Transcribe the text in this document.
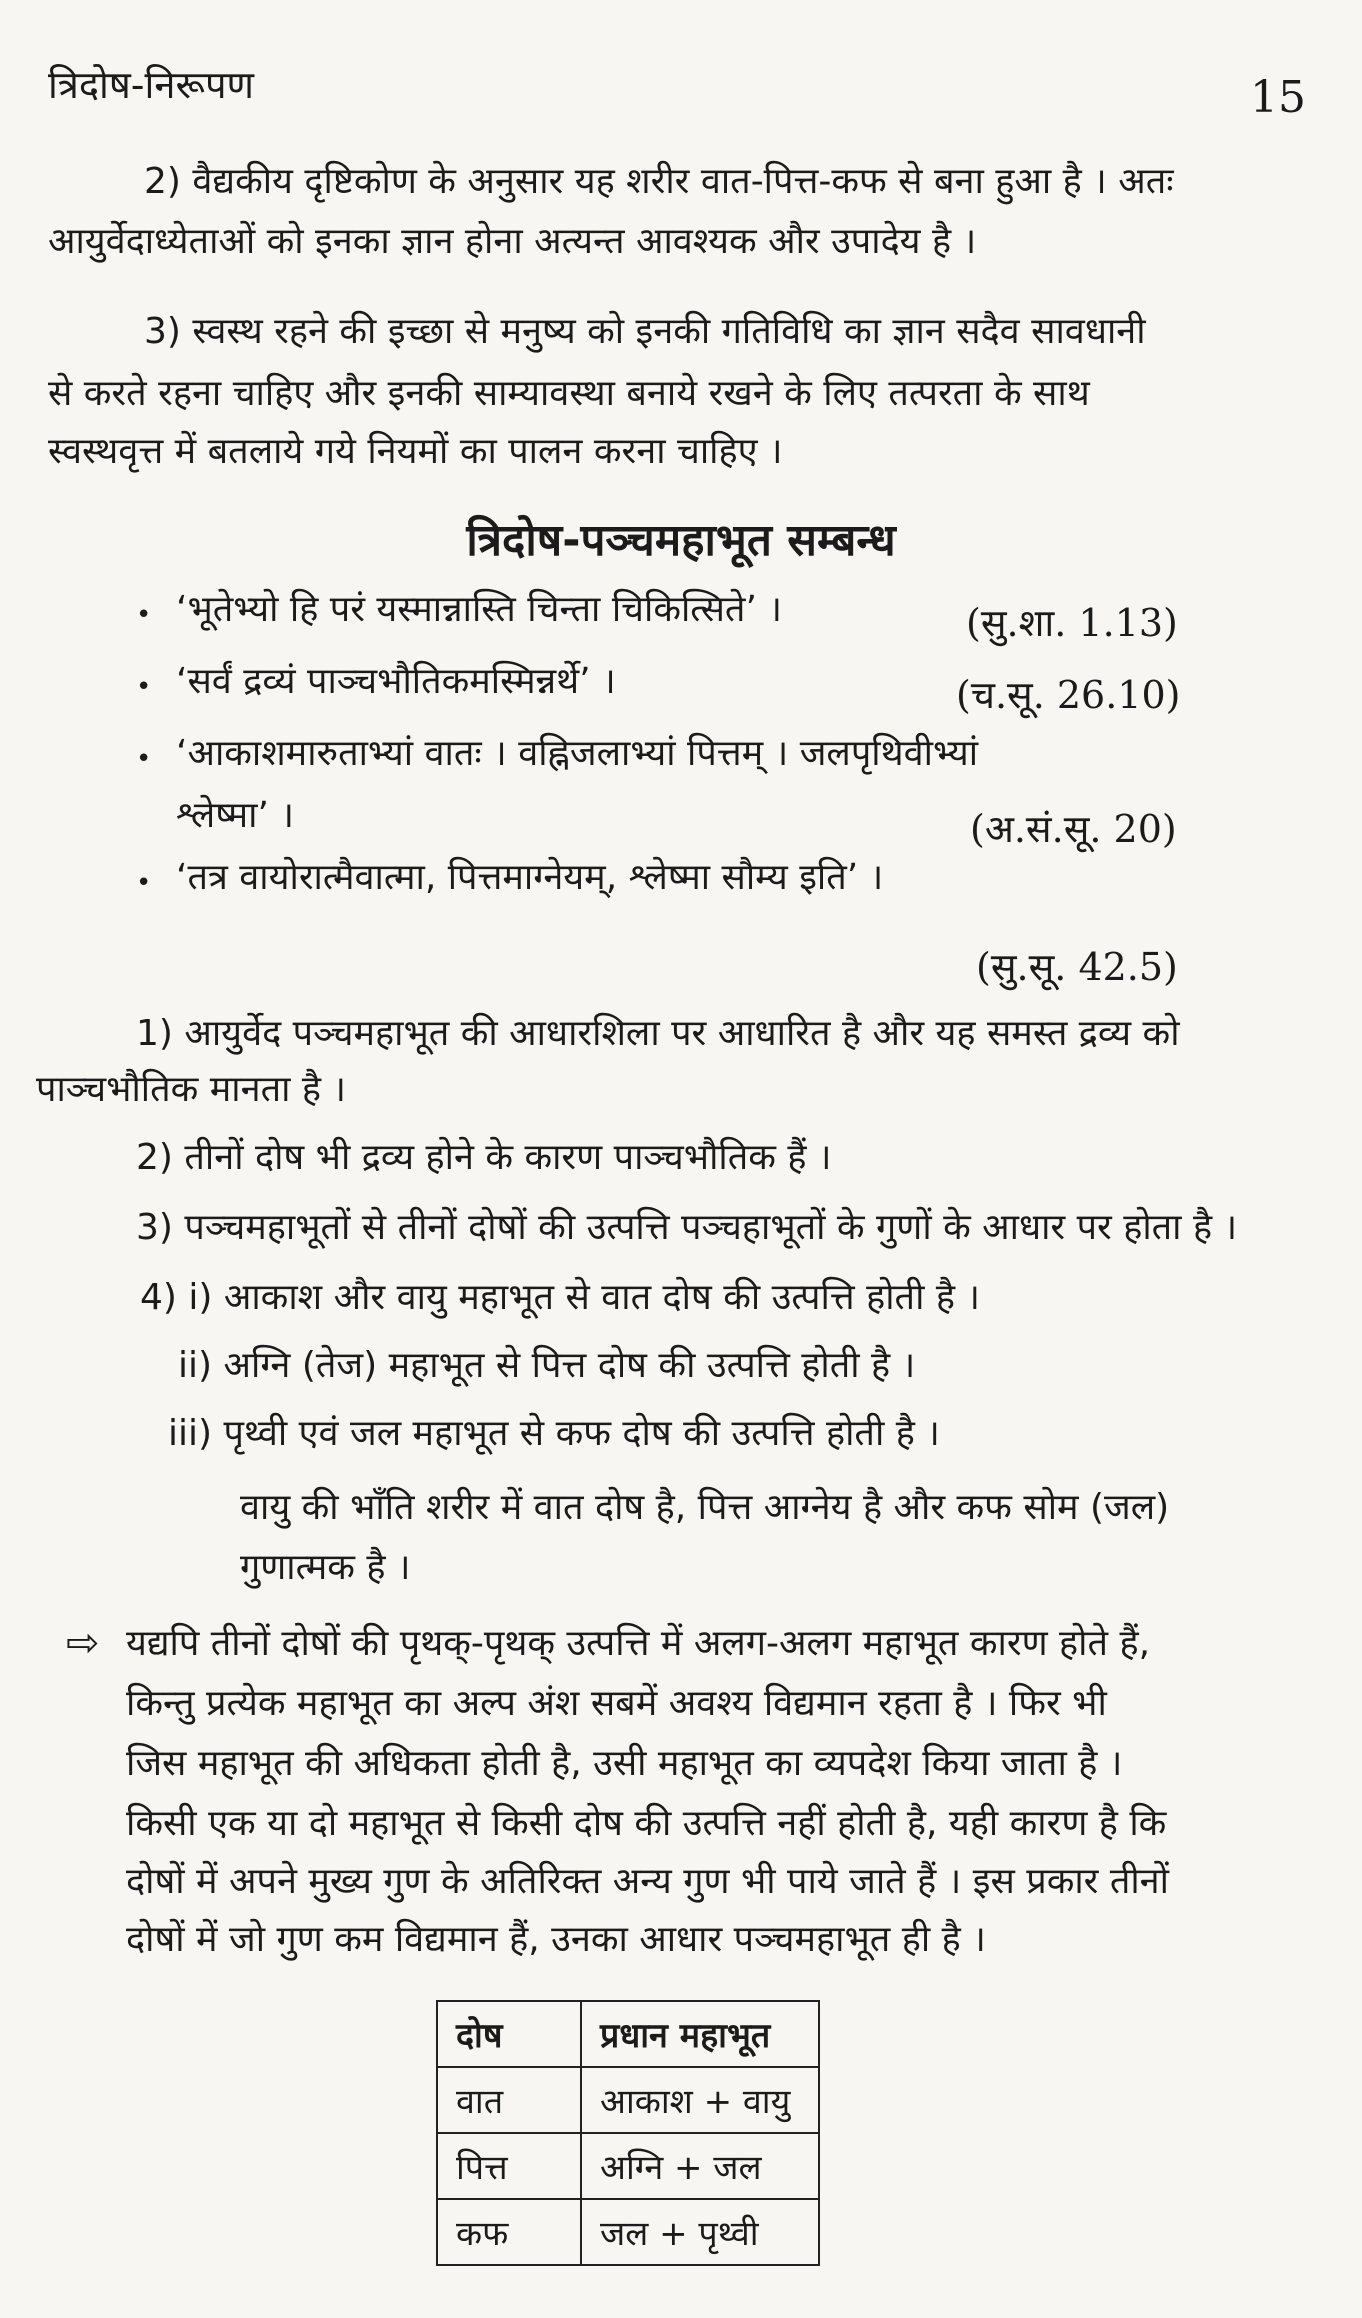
त्रिदोष-निरूपण	15
2) वैद्यकीय दृष्टिकोण के अनुसार यह शरीर वात-पित्त-कफ से बना हुआ है । अतः
आयुर्वेदाध्येताओं को इनका ज्ञान होना अत्यन्त आवश्यक और उपादेय है ।
3) स्वस्थ रहने की इच्छा से मनुष्य को इनकी गतिविधि का ज्ञान सदैव सावधानी
से करते रहना चाहिए और इनकी साम्यावस्था बनाये रखने के लिए तत्परता के साथ
स्वस्थवृत्त में बतलाये गये नियमों का पालन करना चाहिए ।
त्रिदोष-पञ्चमहाभूत सम्बन्ध
• ‘भूतेभ्यो हि परं यस्मान्नास्ति चिन्ता चिकित्सिते’ ।	(सु.शा. 1.13)
• ‘सर्वं द्रव्यं पाञ्चभौतिकमस्मिन्नर्थे’ ।	(च.सू. 26.10)
• ‘आकाशमारुताभ्यां वातः । वह्निजलाभ्यां पित्तम् । जलपृथिवीभ्यां
श्लेष्मा’ ।	(अ.सं.सू. 20)
• ‘तत्र वायोरात्मैवात्मा, पित्तमाग्नेयम्, श्लेष्मा सौम्य इति’ ।
(सु.सू. 42.5)
1) आयुर्वेद पञ्चमहाभूत की आधारशिला पर आधारित है और यह समस्त द्रव्य को
पाञ्चभौतिक मानता है ।
2) तीनों दोष भी द्रव्य होने के कारण पाञ्चभौतिक हैं ।
3) पञ्चमहाभूतों से तीनों दोषों की उत्पत्ति पञ्चहाभूतों के गुणों के आधार पर होता है ।
4) i) आकाश और वायु महाभूत से वात दोष की उत्पत्ति होती है ।
ii) अग्नि (तेज) महाभूत से पित्त दोष की उत्पत्ति होती है ।
iii) पृथ्वी एवं जल महाभूत से कफ दोष की उत्पत्ति होती है ।
वायु की भाँति शरीर में वात दोष है, पित्त आग्नेय है और कफ सोम (जल)
गुणात्मक है ।
⇨ यद्यपि तीनों दोषों की पृथक्-पृथक् उत्पत्ति में अलग-अलग महाभूत कारण होते हैं,
किन्तु प्रत्येक महाभूत का अल्प अंश सबमें अवश्य विद्यमान रहता है । फिर भी
जिस महाभूत की अधिकता होती है, उसी महाभूत का व्यपदेश किया जाता है ।
किसी एक या दो महाभूत से किसी दोष की उत्पत्ति नहीं होती है, यही कारण है कि
दोषों में अपने मुख्य गुण के अतिरिक्त अन्य गुण भी पाये जाते हैं । इस प्रकार तीनों
दोषों में जो गुण कम विद्यमान हैं, उनका आधार पञ्चमहाभूत ही है ।
दोष	प्रधान महाभूत
वात	आकाश + वायु
पित्त	अग्नि + जल
कफ	जल + पृथ्वी
